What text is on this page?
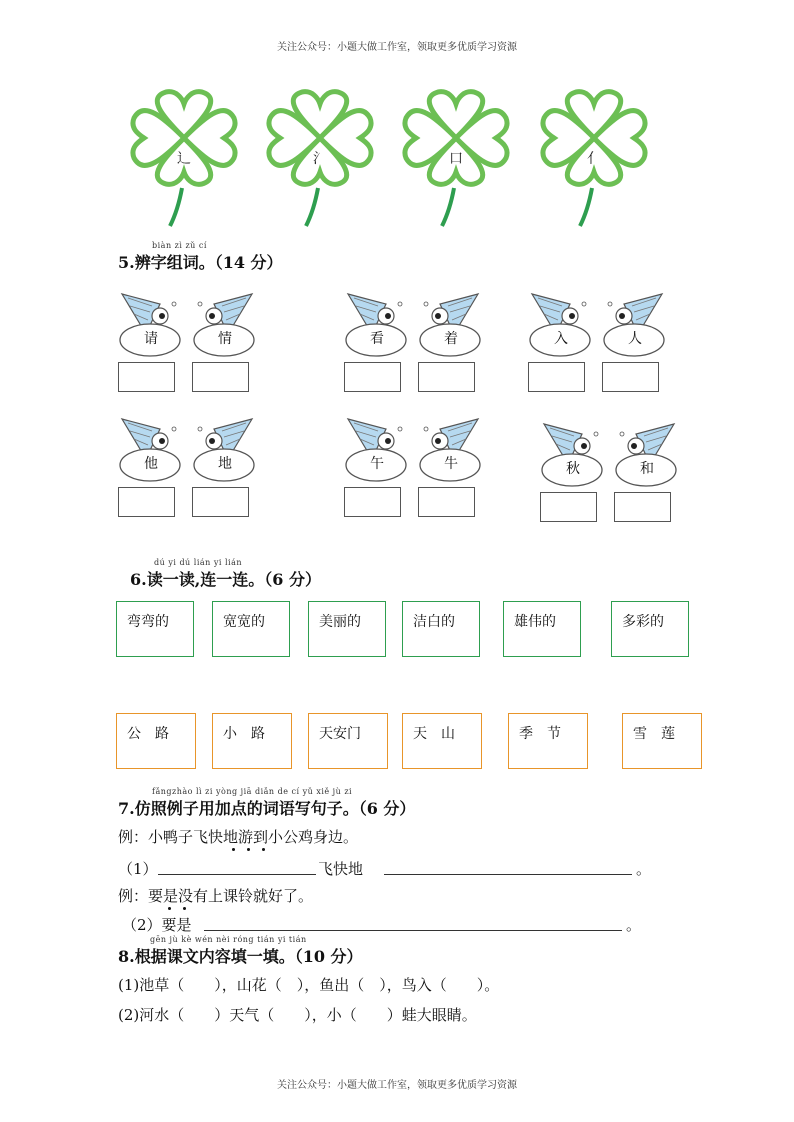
关注公众号：小题大做工作室，领取更多优质学习资源
辶	氵	口	亻
biàn zì zǔ cí
5.辨字组词。（14 分）
请	情	看	着	入	人
他	地	午	牛	秋	和
dú yi dú lián yi lián
6.读一读,连一连。（6 分）
弯弯的	宽宽的	美丽的	洁白的	雄伟的	多彩的
公　路	小　路	天安门	天　山	季　节	雪　莲
fǎngzhào lì zi yòng jiā diǎn de cí yǔ xiě jù zi
7.仿照例子用加点的词语写句子。（6 分）
例：小鸭子飞快地游到小公鸡身边。
（1）	飞快地	。
例：要是没有上课铃就好了。
（2）要是	。
gēn jù kè wén nèi róng tián yi tián
8.根据课文内容填一填。（10 分）
(1)池草（　　），山花（　），鱼出（　），鸟入（　　）。
(2)河水（　　）天气（　　），小（　　）蛙大眼睛。
关注公众号：小题大做工作室，领取更多优质学习资源
